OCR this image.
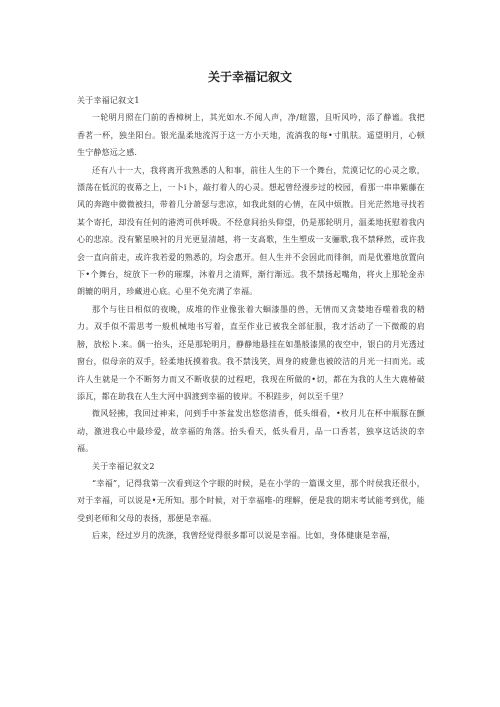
关于幸福记叙文

关于幸福记叙文1

一轮明月照在门前的香樟树上，其光如水.不闻人声，净/暄嚣，且听风吟，添了静谧。我把香茗一杯，独坐阳台。银光温柔地流泻于这一方小天地，流淌我的每•寸肌肤。遥望明月，心顿生宁静悠远之感.

还有八十一大，我将离开我熟悉的人和事，前往人生的下一个舞台，荒漠记忆的心灵之歌，漂荡在低沉的夜幕之上，一卜i卜，敲打着人的心灵。想起曾经漫步过的校园，看那一串串紫藤在风的奔跑中微微被扫，带着几分萧瑟与悲凉，如我此刻的心情，在风中烦散。目光茫然地寻找若某个寄托，却没有任何的港湾可供呼吸。不经意间抬头仰望，仍是那轮明月，温柔地抚慰着我内心的悲凉。没有繁星映衬的月光更显清越，将一支高歌，生生塑成一支骊歌,我不禁释然，或许我会一直向前走，或许我若爱的熟悉的，均会惠开。但人生并不会因此而徘徊，而是优雅地放置向下•个舞台，绽放下一秒的璀璨，沐着月之清辉，渐行渐远。我不禁扬起嘴角，将火上那轮金赤朗辘的明月，珍藏进心底。心里不免充满了幸福。

那个与往日相似的夜晚，成堆的作业像张着大蛔漆墨的兽，无情而又贪婪地吞噬着我的精力。双手似不需思考一般机械地书写着，直至作业已被我全部征服，我才活动了一下微酸的肩膀，放松卜.来。偶一抬头，还是那轮明月，静静地悬挂在如墨般漆黑的夜空中，银白的月光透过窗台，似母亲的双手，轻柔地抚摸着我。我不禁浅笑，周身的疲惫也被皎洁的月光一扫而光。或许人生就是一个不断努力而又不断收获的过程吧，我现在所做的•切，都在为我的人生大鹿椿破添瓦，都在助我在人生大河中泅渡到幸福的彼岸。不积跬步，何以至千里？

微风轻拂，我回过神来，问到手中茶盆发出悠悠清香，低头细看，•枚月儿在杯中瓶豚在颤动，激进我心中最珍爱，故幸福的角落。抬头看天，低头看月，品一口香茗，独享这话淡的幸福。

关于幸福记叙文2

“幸福”，记得我第一次看到这个字眼的时候，是在小学的一篇课文里，那个时侯我还很小，对于幸福，可以说是•无所知。那个时候，对于幸福唯-的理解，便是我的期末考试能考到优，能受到老师和父母的表扬，那便是幸福。

后来，经过岁月的洗涤，我曾经觉得很多都可以说是幸福。比如，身体健康是幸福，
